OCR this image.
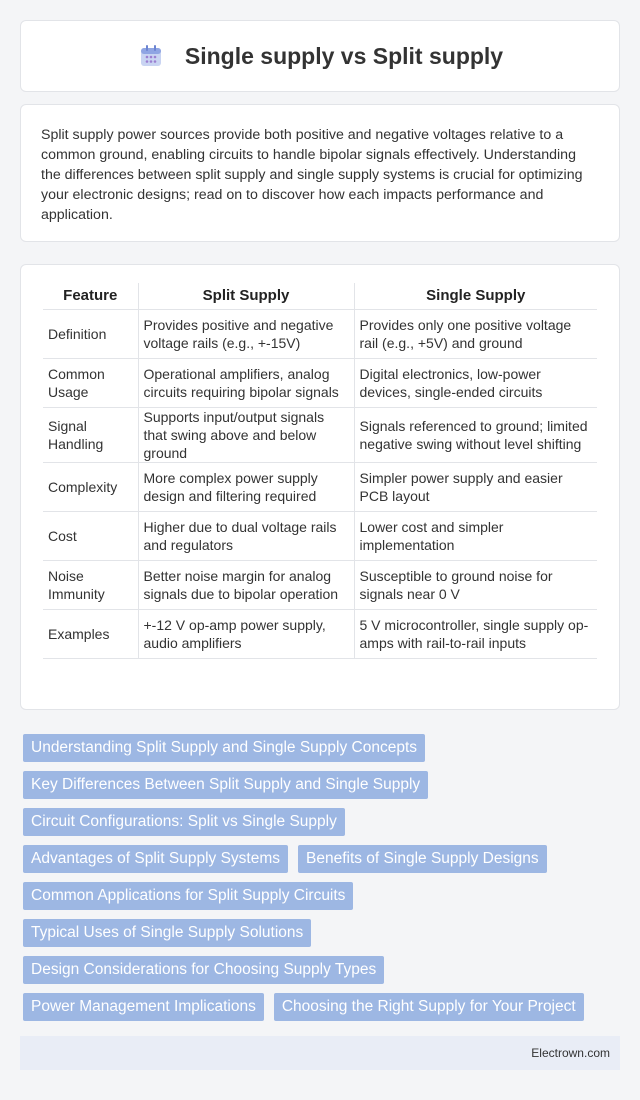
Single supply vs Split supply

Split supply power sources provide both positive and negative voltages relative to a common ground, enabling circuits to handle bipolar signals effectively. Understanding the differences between split supply and single supply systems is crucial for optimizing your electronic designs; read on to discover how each impacts performance and application.

Feature	Split Supply	Single Supply
Definition	Provides positive and negative voltage rails (e.g., +-15V)	Provides only one positive voltage rail (e.g., +5V) and ground
Common Usage	Operational amplifiers, analog circuits requiring bipolar signals	Digital electronics, low-power devices, single-ended circuits
Signal Handling	Supports input/output signals that swing above and below ground	Signals referenced to ground; limited negative swing without level shifting
Complexity	More complex power supply design and filtering required	Simpler power supply and easier PCB layout
Cost	Higher due to dual voltage rails and regulators	Lower cost and simpler implementation
Noise Immunity	Better noise margin for analog signals due to bipolar operation	Susceptible to ground noise for signals near 0 V
Examples	+-12 V op-amp power supply, audio amplifiers	5 V microcontroller, single supply op-amps with rail-to-rail inputs
Understanding Split Supply and Single Supply Concepts
Key Differences Between Split Supply and Single Supply
Circuit Configurations: Split vs Single Supply
Advantages of Split Supply Systems	Benefits of Single Supply Designs
Common Applications for Split Supply Circuits
Typical Uses of Single Supply Solutions
Design Considerations for Choosing Supply Types
Power Management Implications	Choosing the Right Supply for Your Project
Electrown.com
